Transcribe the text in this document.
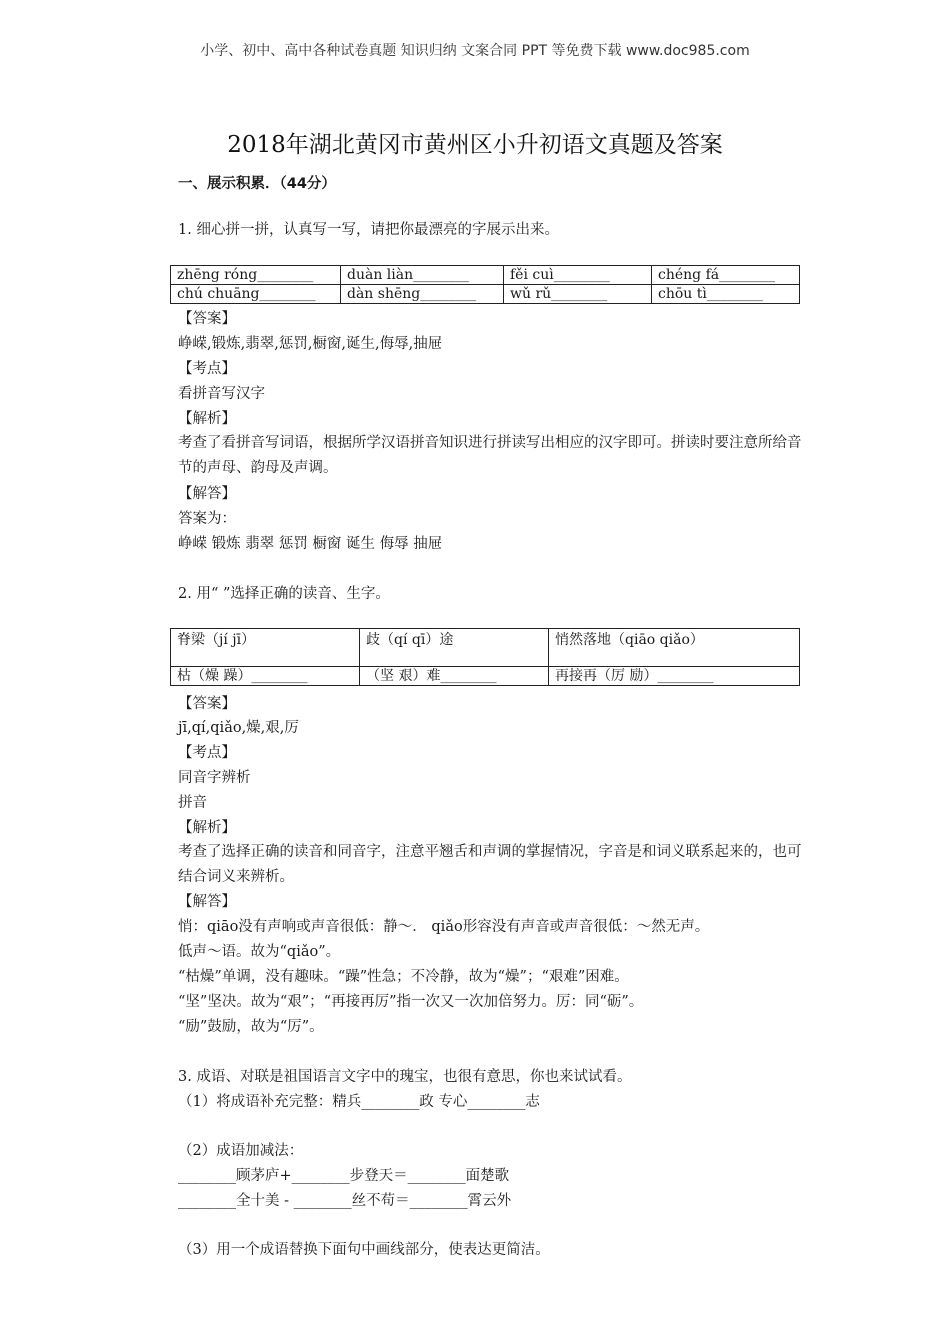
小学、初中、高中各种试卷真题 知识归纳 文案合同 PPT 等免费下载 www.doc985.com
2018年湖北黄冈市黄州区小升初语文真题及答案
一、展示积累．（44分）
1. 细心拼一拼，认真写一写，请把你最漂亮的字展示出来。
zhēng róng________	duàn liàn________	fěi cuì________	chéng fá________
chú chuāng________	dàn shēng________	wǔ rǔ________	chōu tì________
【答案】
峥嵘,锻炼,翡翠,惩罚,橱窗,诞生,侮辱,抽屉
【考点】
看拼音写汉字
【解析】
考查了看拼音写词语，根据所学汉语拼音知识进行拼读写出相应的汉字即可。拼读时要注意所给音节的声母、韵母及声调。
【解答】
答案为：
峥嵘 锻炼 翡翠 惩罚 橱窗 诞生 侮辱 抽屉
2. 用“ ”选择正确的读音、生字。
脊梁（jí jī）	歧（qí qī）途	悄然落地（qiāo qiǎo）
枯（燥 躁）________	（坚 艰）难________	再接再（厉 励）________
【答案】
jī,qí,qiǎo,燥,艰,厉
【考点】
同音字辨析
拼音
【解析】
考查了选择正确的读音和同音字，注意平翘舌和声调的掌握情况，字音是和词义联系起来的，也可结合词义来辨析。
【解答】
悄：qiāo没有声响或声音很低：静～． qiǎo形容没有声音或声音很低：～然无声。
低声～语。故为“qiǎo”。
“枯燥”单调，没有趣味。“躁”性急；不冷静，故为“燥”；“艰难”困难。
“坚”坚决。故为“艰”；“再接再厉”指一次又一次加倍努力。厉：同“砺”。
“励”鼓励，故为“厉”。
3. 成语、对联是祖国语言文字中的瑰宝，也很有意思，你也来试试看。
（1）将成语补充完整：精兵________政 专心________志
（2）成语加减法：
________顾茅庐+________步登天＝________面楚歌
________全十美 - ________丝不苟＝________霄云外
（3）用一个成语替换下面句中画线部分，使表达更简洁。
